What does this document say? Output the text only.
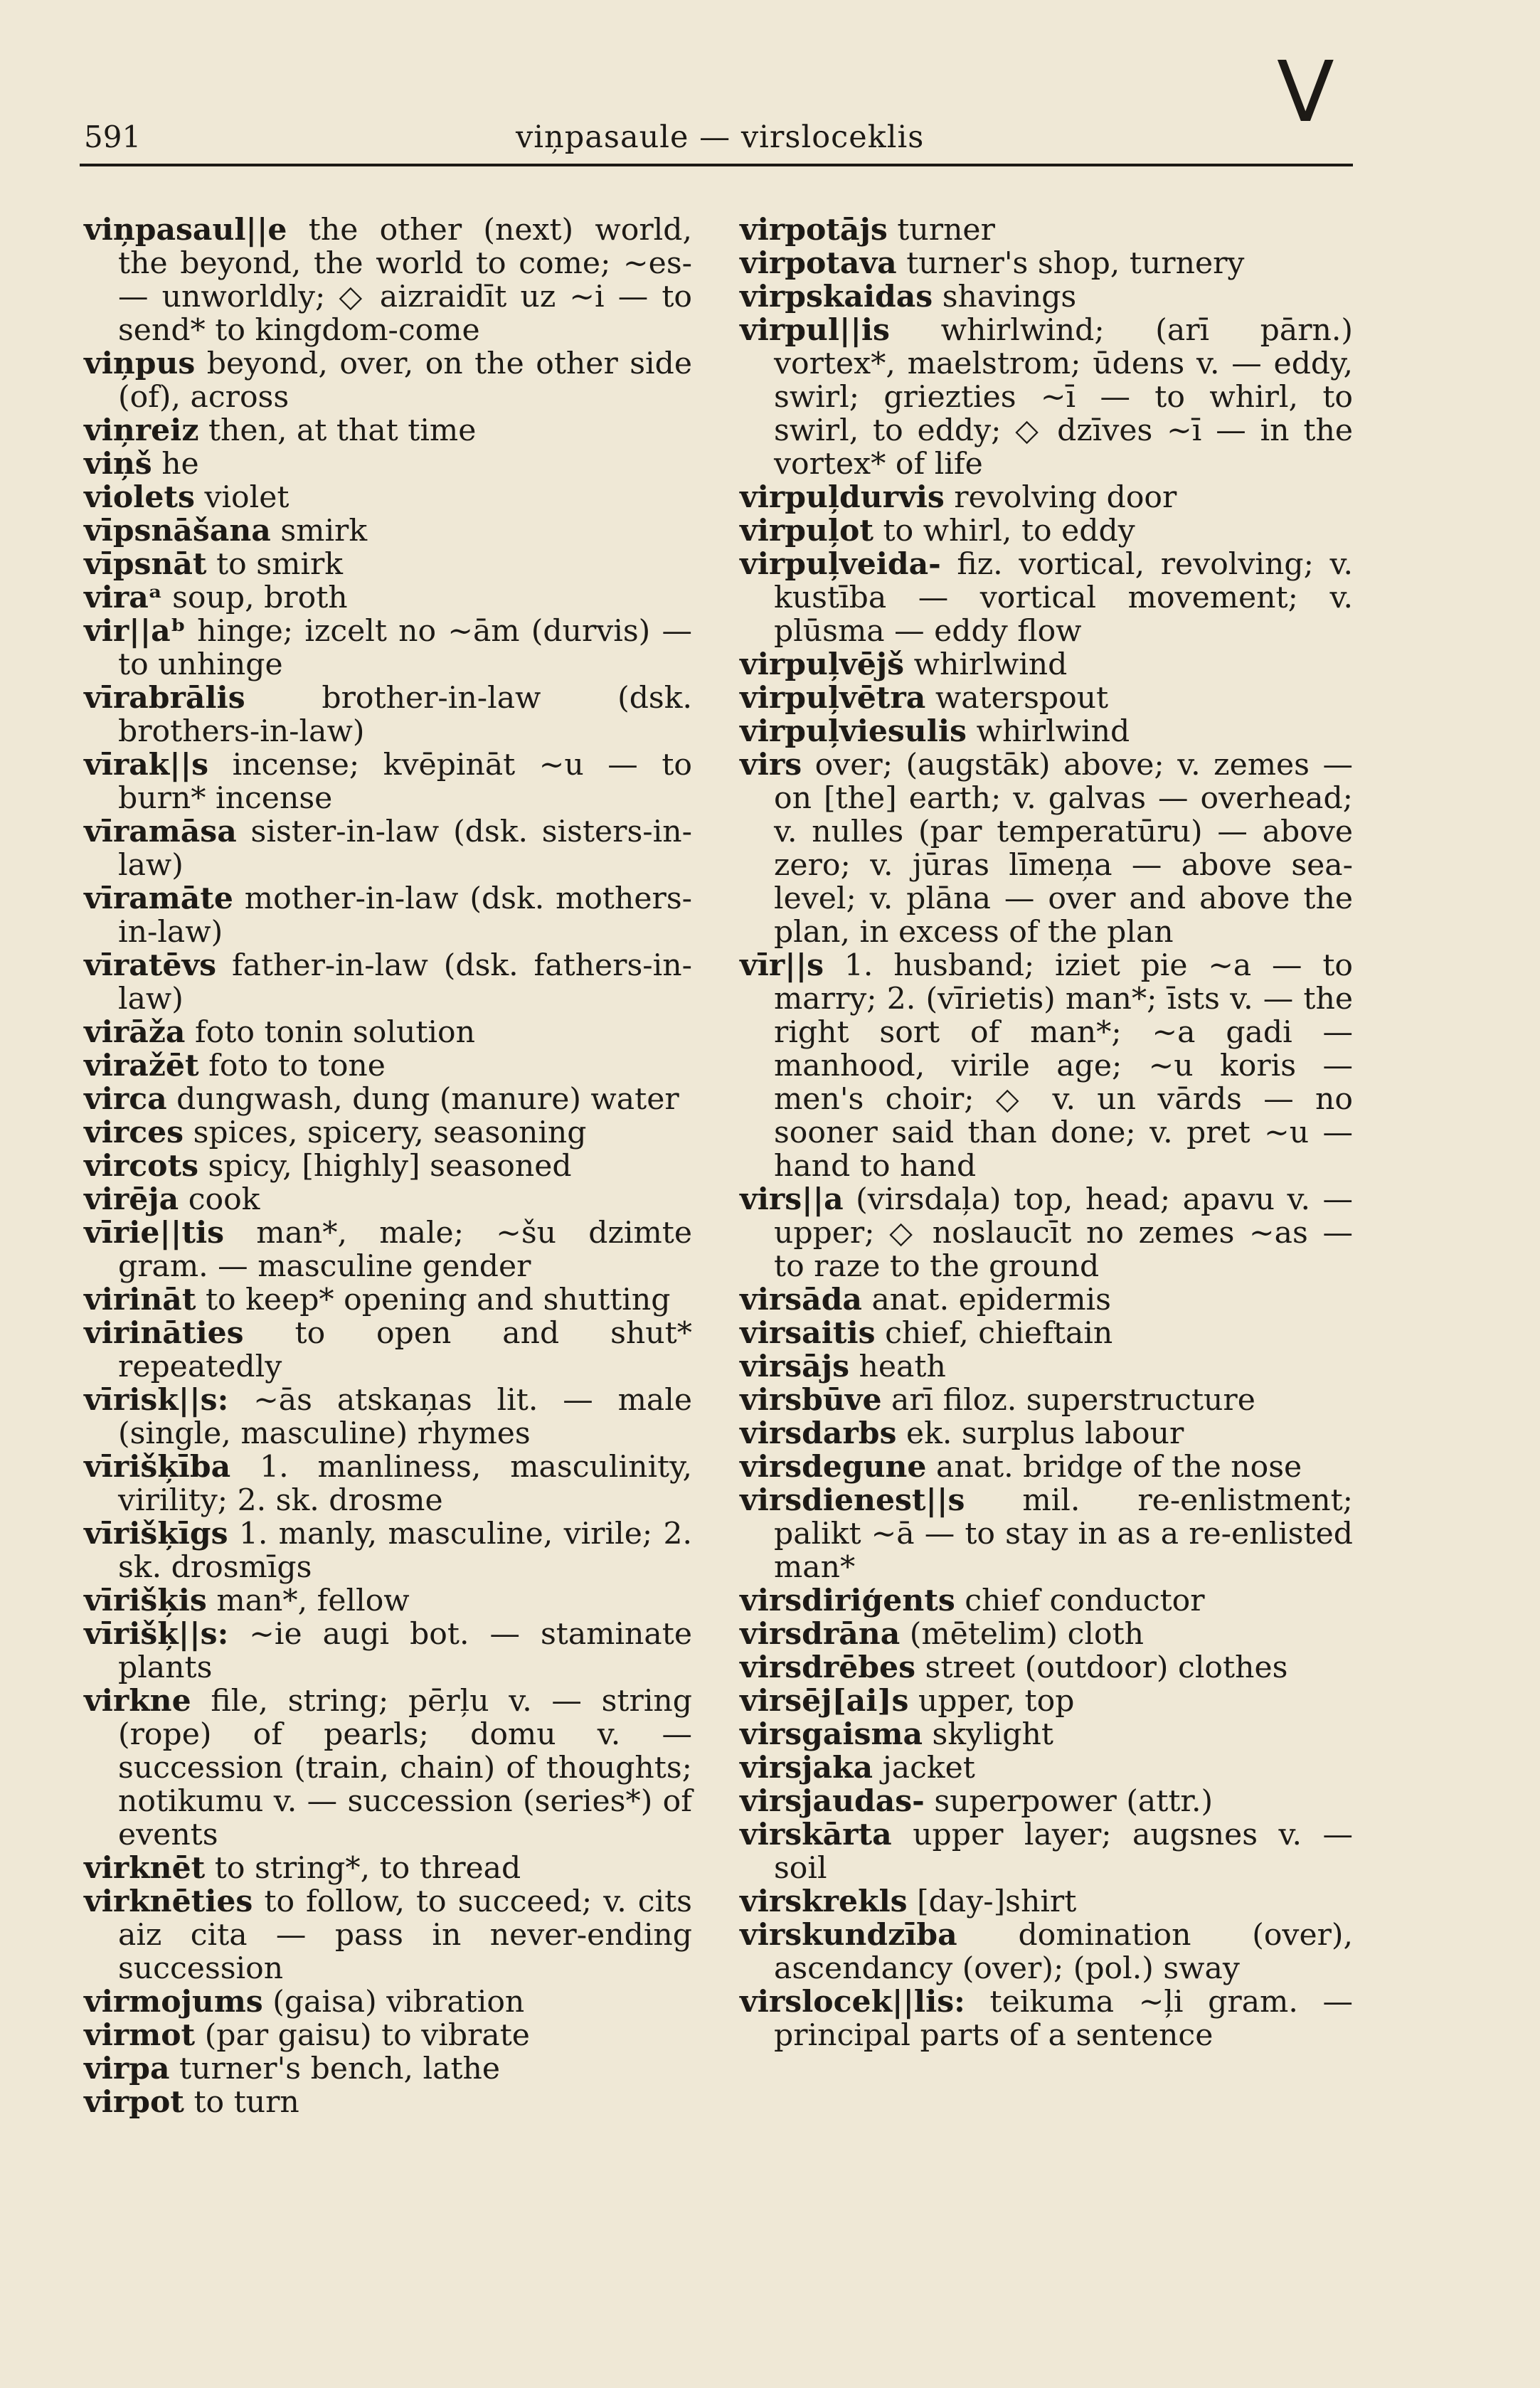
591	viņpasaule — virsloceklis	V

viņpasaul||e the other (next) world, the beyond, the world to come; ~es- — unworldly; ◇ aizraidīt uz ~i — to send* to kingdom-come

viņpus beyond, over, on the other side (of), across

viņreiz then, at that time

viņš he

violets violet

vīpsnāšana smirk

vīpsnāt to smirk

viraᵃ soup, broth

vir||aᵇ hinge; izcelt no ~ām (durvis) — to unhinge

vīrabrālis	brother-in-law (dsk. brothers-in-law)

vīrak||s incense; kvēpināt ~u — to burn* incense

vīramāsa sister-in-law (dsk. sisters-in-law)

vīramāte mother-in-law (dsk. mothers-in-law)

vīratēvs father-in-law (dsk. fathers-in-law)

virāža foto tonin solution

viražēt foto to tone

virca dungwash, dung (manure) water

virces spices, spicery, seasoning

vircots spicy, [highly] seasoned

virēja cook

vīrie||tis man*, male; ~šu dzimte gram. — masculine gender

virināt to keep* opening and shutting

virināties to open and shut* repeatedly

vīrisk||s: ~ās atskaņas lit. — male (single, masculine) rhymes

vīrišķība 1. manliness, masculinity, virility; 2. sk. drosme

vīrišķīgs 1. manly, masculine, virile; 2. sk. drosmīgs

vīrišķis man*, fellow

vīrišķ||s: ~ie augi bot. — staminate plants

virkne file, string; pērļu v. — string (rope) of pearls; domu v. — succession (train, chain) of thoughts; notikumu v. — succession (series*) of events

virknēt to string*, to thread

virknēties to follow, to succeed; v. cits aiz cita — pass in never-ending succession

virmojums (gaisa) vibration

virmot (par gaisu) to vibrate

virpa turner's bench, lathe

virpot to turn

virpotājs turner

virpotava turner's shop, turnery

virpskaidas shavings

virpul||is whirlwind; (arī pārn.) vortex*, maelstrom; ūdens v. — eddy, swirl; griezties ~ī — to whirl, to swirl, to eddy; ◇ dzīves ~ī — in the vortex* of life

virpuļdurvis revolving door

virpuļot to whirl, to eddy

virpuļveida- fiz. vortical, revolving; v. kustība — vortical movement; v. plūsma — eddy flow

virpuļvējš whirlwind

virpuļvētra waterspout

virpuļviesulis whirlwind

virs over; (augstāk) above; v. zemes — on [the] earth; v. galvas — overhead; v. nulles (par temperatūru) — above zero; v. jūras līmeņa — above sea-level; v. plāna — over and above the plan, in excess of the plan

vīr||s 1. husband; iziet pie ~a — to marry; 2. (vīrietis) man*; īsts v. — the right sort of man*; ~a gadi — manhood, virile age; ~u koris — men's choir; ◇ v. un vārds — no sooner said than done; v. pret ~u — hand to hand

virs||a (virsdaļa) top, head; apavu v. — upper; ◇ noslaucīt no zemes ~as — to raze to the ground

virsāda anat. epidermis

virsaitis chief, chieftain

virsājs heath

virsbūve arī filoz. superstructure

virsdarbs ek. surplus labour

virsdegune anat. bridge of the nose

virsdienest||s mil. re-enlistment; palikt ~ā — to stay in as a re-enlisted man*

virsdiriģents chief conductor

virsdrāna (mētelim) cloth

virsdrēbes street (outdoor) clothes

virsēj[ai]s upper, top

virsgaisma skylight

virsjaka jacket

virsjaudas- superpower (attr.)

virskārta upper layer; augsnes v. — soil

virskrekls [day-]shirt

virskundzība domination (over), ascendancy (over); (pol.) sway

virslocek||lis: teikuma ~ļi gram. — principal parts of a sentence
